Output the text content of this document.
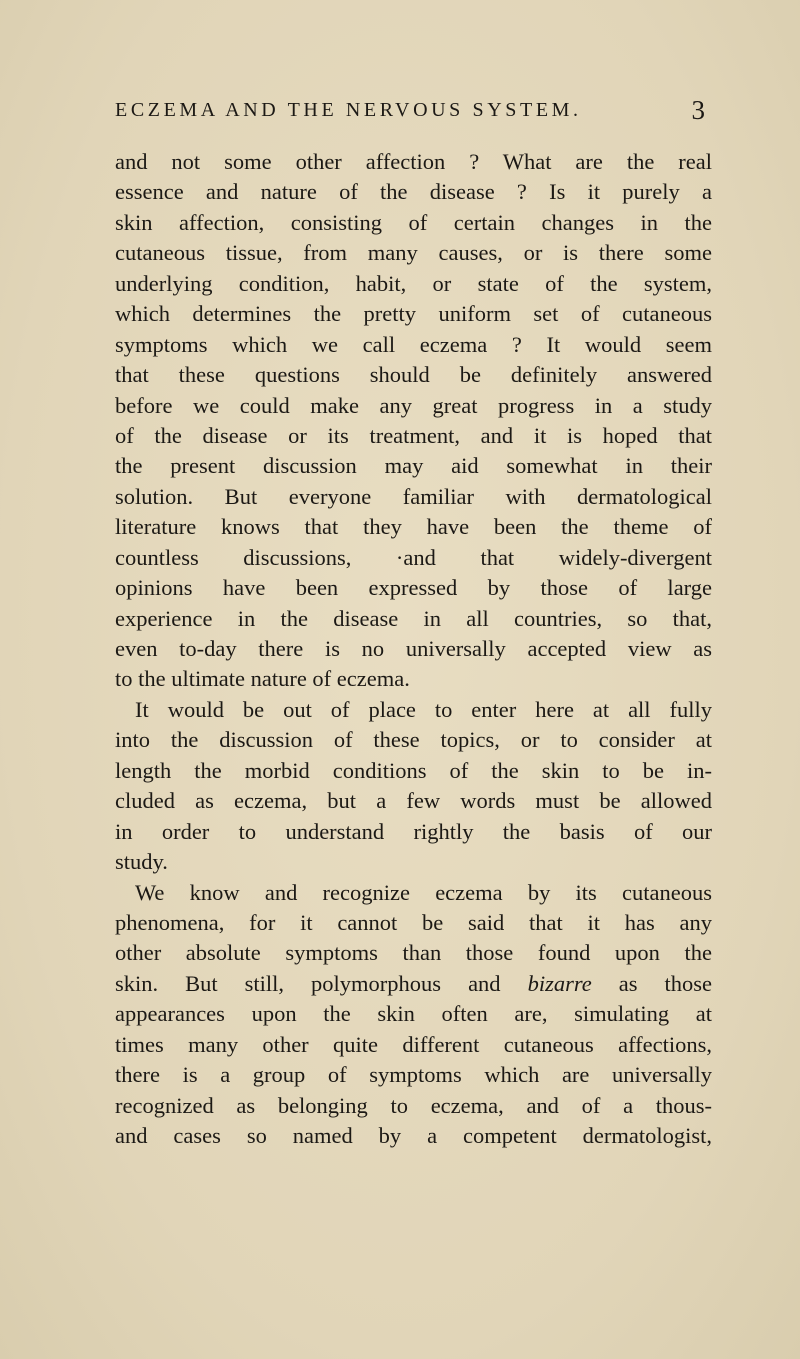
ECZEMA AND THE NERVOUS SYSTEM.	3
and not some other affection ? What are the real
essence and nature of the disease ? Is it purely a
skin affection, consisting of certain changes in the
cutaneous tissue, from many causes, or is there some
underlying condition, habit, or state of the system,
which determines the pretty uniform set of cutaneous
symptoms which we call eczema ? It would seem
that these questions should be definitely answered
before we could make any great progress in a study
of the disease or its treatment, and it is hoped that
the present discussion may aid somewhat in their
solution. But everyone familiar with dermatological
literature knows that they have been the theme of
countless discussions, ·and that widely-divergent
opinions have been expressed by those of large
experience in the disease in all countries, so that,
even to-day there is no universally accepted view as
to the ultimate nature of eczema.
It would be out of place to enter here at all fully
into the discussion of these topics, or to consider at
length the morbid conditions of the skin to be in-
cluded as eczema, but a few words must be allowed
in order to understand rightly the basis of our
study.
We know and recognize eczema by its cutaneous
phenomena, for it cannot be said that it has any
other absolute symptoms than those found upon the
skin. But still, polymorphous and bizarre as those
appearances upon the skin often are, simulating at
times many other quite different cutaneous affections,
there is a group of symptoms which are universally
recognized as belonging to eczema, and of a thous-
and cases so named by a competent dermatologist,
